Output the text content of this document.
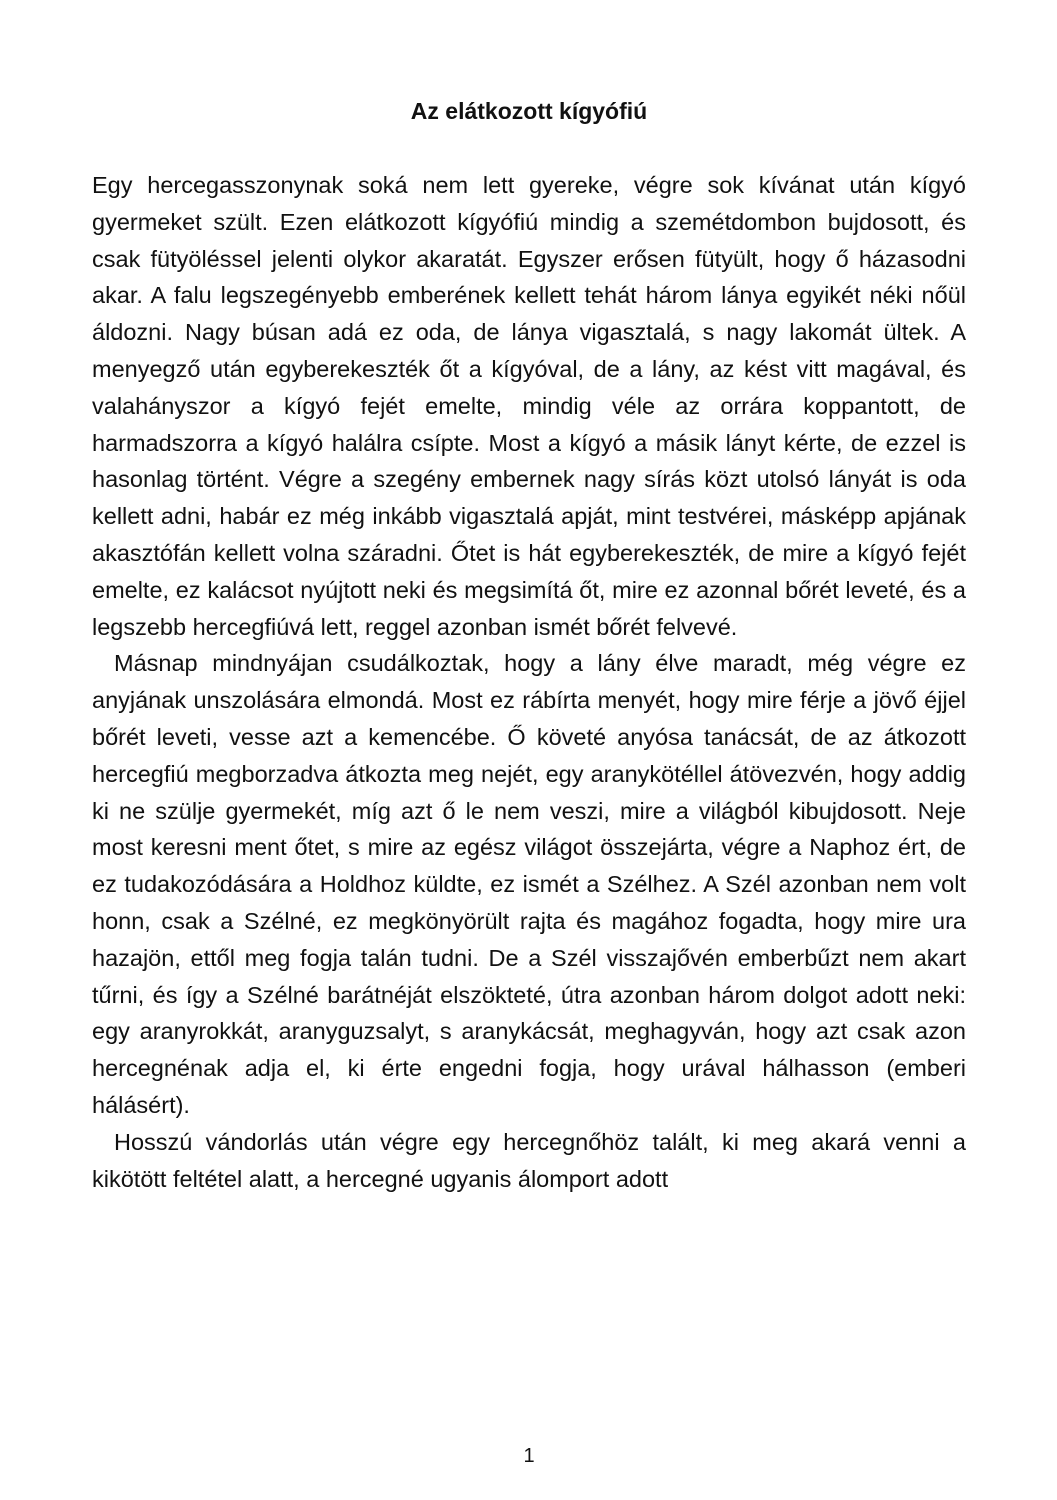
Az elátkozott kígyófiú

Egy hercegasszonynak soká nem lett gyereke, végre sok kívánat után kígyó gyermeket szült. Ezen elátkozott kígyófiú mindig a szemétdombon bujdosott, és csak fütyöléssel jelenti olykor akaratát. Egyszer erősen fütyült, hogy ő házasodni akar. A falu legszegényebb emberének kellett tehát három lánya egyikét néki nőül áldozni. Nagy búsan adá ez oda, de lánya vigasztalá, s nagy lakomát ültek. A menyegző után egyberekeszték őt a kígyóval, de a lány, az kést vitt magával, és valahányszor a kígyó fejét emelte, mindig véle az orrára koppantott, de harmadszorra a kígyó halálra csípte. Most a kígyó a másik lányt kérte, de ezzel is hasonlag történt. Végre a szegény embernek nagy sírás közt utolsó lányát is oda kellett adni, habár ez még inkább vigasztalá apját, mint testvérei, másképp apjának akasztófán kellett volna száradni. Őtet is hát egyberekeszték, de mire a kígyó fejét emelte, ez kalácsot nyújtott neki és megsimítá őt, mire ez azonnal bőrét leveté, és a legszebb hercegfiúvá lett, reggel azonban ismét bőrét felvevé.

Másnap mindnyájan csudálkoztak, hogy a lány élve maradt, még végre ez anyjának unszolására elmondá. Most ez rábírta menyét, hogy mire férje a jövő éjjel bőrét leveti, vesse azt a kemencébe. Ő követé anyósa tanácsát, de az átkozott hercegfiú megborzadva átkozta meg nejét, egy aranykötéllel átövezvén, hogy addig ki ne szülje gyermekét, míg azt ő le nem veszi, mire a világból kibujdosott. Neje most keresni ment őtet, s mire az egész világot összejárta, végre a Naphoz ért, de ez tudakozódására a Holdhoz küldte, ez ismét a Szélhez. A Szél azonban nem volt honn, csak a Szélné, ez megkönyörült rajta és magához fogadta, hogy mire ura hazajön, ettől meg fogja talán tudni. De a Szél visszajővén emberbűzt nem akart tűrni, és így a Szélné barátnéját elszökteté, útra azonban három dolgot adott neki: egy aranyrokkát, aranyguzsalyt, s aranykácsát, meghagyván, hogy azt csak azon hercegnénak adja el, ki érte engedni fogja, hogy urával hálhasson (emberi hálásért).

Hosszú vándorlás után végre egy hercegnőhöz talált, ki meg akará venni a kikötött feltétel alatt, a hercegné ugyanis álomport adott

1
